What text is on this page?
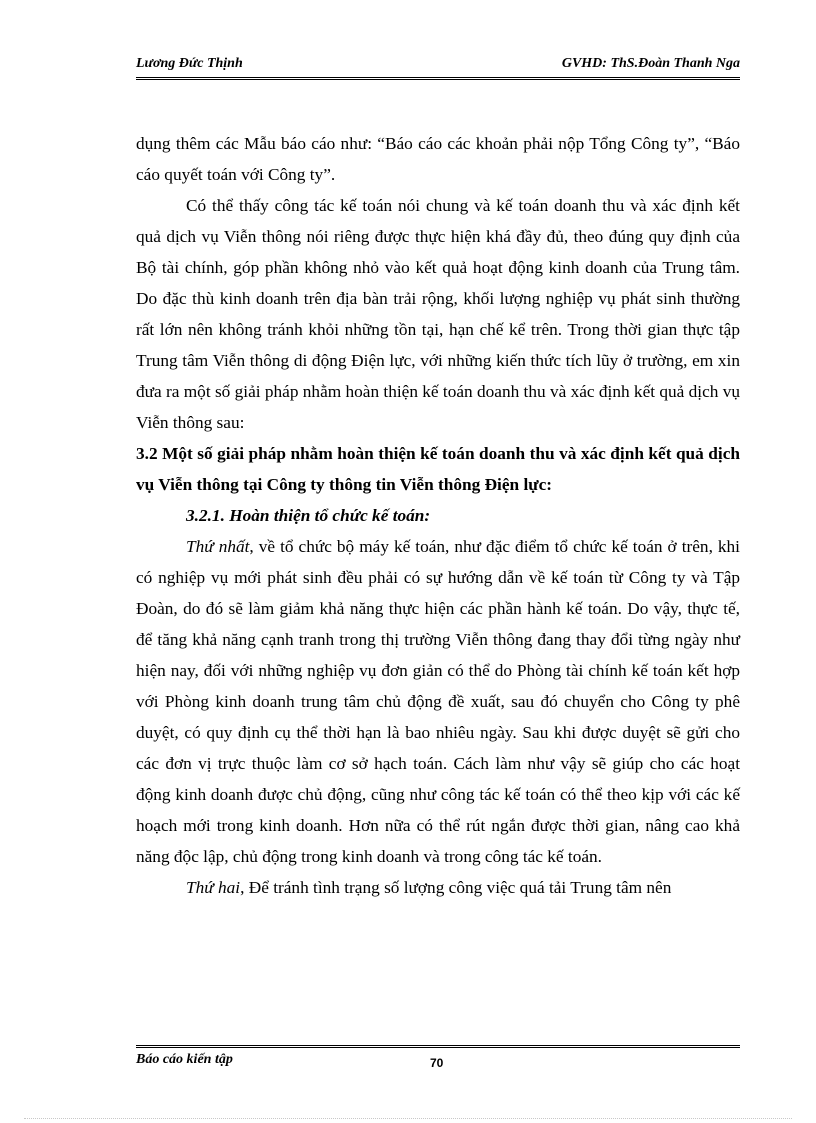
Lương Đức Thịnh	GVHD: ThS.Đoàn Thanh Nga

dụng thêm các Mẫu báo cáo như: “Báo cáo các khoản phải nộp Tổng Công ty”, “Báo cáo quyết toán với Công ty”.

Có thể thấy công tác kế toán nói chung và kế toán doanh thu và xác định kết quả dịch vụ Viễn thông nói riêng được thực hiện khá đầy đủ, theo đúng quy định của Bộ tài chính, góp phần không nhỏ vào kết quả hoạt động kinh doanh của Trung tâm. Do đặc thù kinh doanh trên địa bàn trải rộng, khối lượng nghiệp vụ phát sinh thường rất lớn nên không tránh khỏi những tồn tại, hạn chế kể trên. Trong thời gian thực tập Trung tâm Viễn thông di động Điện lực, với những kiến thức tích lũy ở trường, em xin đưa ra một số giải pháp nhằm hoàn thiện kế toán doanh thu và xác định kết quả dịch vụ Viễn thông sau:

3.2 Một số giải pháp nhằm hoàn thiện kế toán doanh thu và xác định kết quả dịch vụ Viễn thông tại Công ty thông tin Viễn thông Điện lực:

3.2.1. Hoàn thiện tổ chức kế toán:

Thứ nhất, về tổ chức bộ máy kế toán, như đặc điểm tổ chức kế toán ở trên, khi có nghiệp vụ mới phát sinh đều phải có sự hướng dẫn về kế toán từ Công ty và Tập Đoàn, do đó sẽ làm giảm khả năng thực hiện các phần hành kế toán. Do vậy, thực tế, để tăng khả năng cạnh tranh trong thị trường Viễn thông đang thay đổi từng ngày như hiện nay, đối với những nghiệp vụ đơn giản có thể do Phòng tài chính kế toán kết hợp với Phòng kinh doanh trung tâm chủ động đề xuất, sau đó chuyển cho Công ty phê duyệt, có quy định cụ thể thời hạn là bao nhiêu ngày. Sau khi được duyệt sẽ gửi cho các đơn vị trực thuộc làm cơ sở hạch toán. Cách làm như vậy sẽ giúp cho các hoạt động kinh doanh được chủ động, cũng như công tác kế toán có thể theo kịp với các kế hoạch mới trong kinh doanh. Hơn nữa có thể rút ngắn được thời gian, nâng cao khả năng độc lập, chủ động trong kinh doanh và trong công tác kế toán.

Thứ hai, Để tránh tình trạng số lượng công việc quá tải Trung tâm nên

Báo cáo kiến tập	70
